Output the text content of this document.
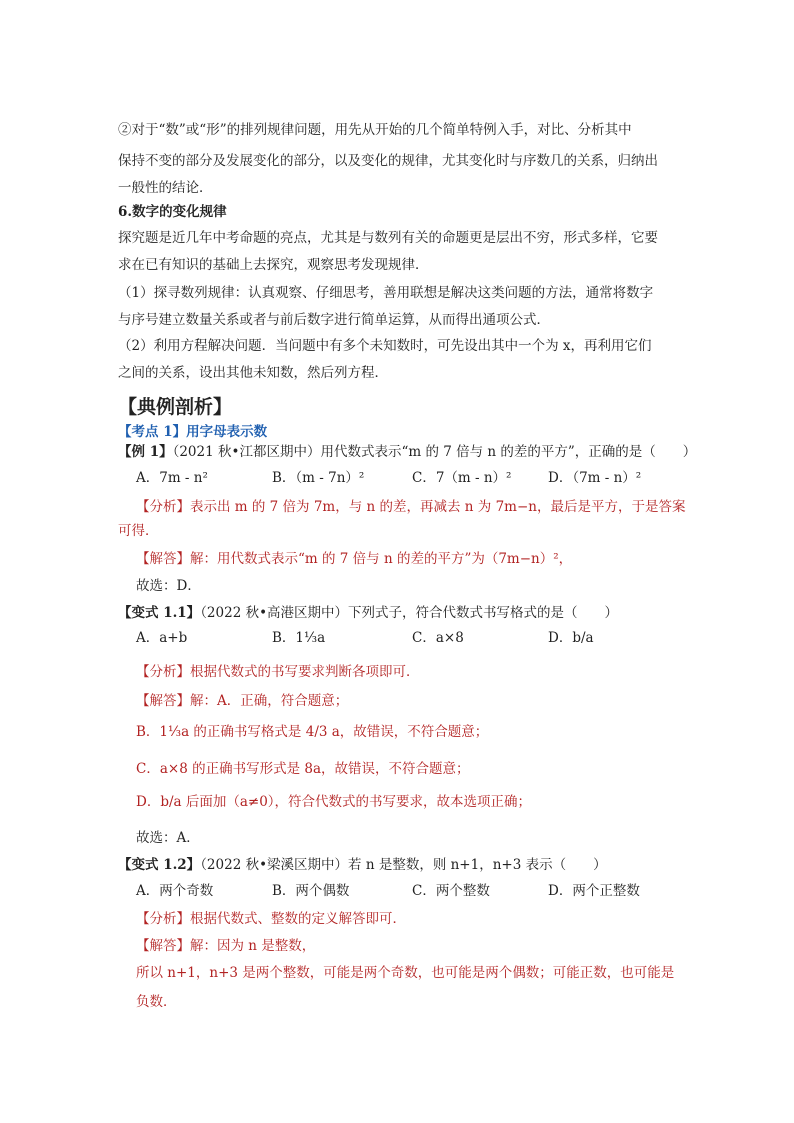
②对于“数”或“形”的排列规律问题，用先从开始的几个简单特例入手，对比、分析其中
保持不变的部分及发展变化的部分，以及变化的规律，尤其变化时与序数几的关系，归纳出
一般性的结论．
6.数字的变化规律
探究题是近几年中考命题的亮点，尤其是与数列有关的命题更是层出不穷，形式多样，它要
求在已有知识的基础上去探究，观察思考发现规律．
（1）探寻数列规律：认真观察、仔细思考，善用联想是解决这类问题的方法，通常将数字
与序号建立数量关系或者与前后数字进行简单运算，从而得出通项公式．
（2）利用方程解决问题．当问题中有多个未知数时，可先设出其中一个为 x，再利用它们
之间的关系，设出其他未知数，然后列方程．
【典例剖析】
【考点 1】用字母表示数
【例 1】（2021 秋•江都区期中）用代数式表示“m 的 7 倍与 n 的差的平方”，正确的是（　　）
A．7m - n²	B．（m - 7n）²	C．7（m - n）²	D．（7m - n）²
【分析】表示出 m 的 7 倍为 7m，与 n 的差，再减去 n 为 7m−n，最后是平方，于是答案
可得．
【解答】解：用代数式表示“m 的 7 倍与 n 的差的平方”为（7m−n）²，
故选：D．
【变式 1.1】（2022 秋•高港区期中）下列式子，符合代数式书写格式的是（　　）
A．a+b	B．1⅓a	C．a×8	D．b/a
【分析】根据代数式的书写要求判断各项即可．
【解答】解：A．正确，符合题意；
B．1⅓a 的正确书写格式是 4/3 a，故错误，不符合题意；
C．a×8 的正确书写形式是 8a，故错误，不符合题意；
D．b/a 后面加（a≠0），符合代数式的书写要求，故本选项正确；
故选：A．
【变式 1.2】（2022 秋•梁溪区期中）若 n 是整数，则 n+1，n+3 表示（　　）
A．两个奇数	B．两个偶数	C．两个整数	D．两个正整数
【分析】根据代数式、整数的定义解答即可．
【解答】解：因为 n 是整数，
所以 n+1，n+3 是两个整数，可能是两个奇数，也可能是两个偶数；可能正数，也可能是
负数．
